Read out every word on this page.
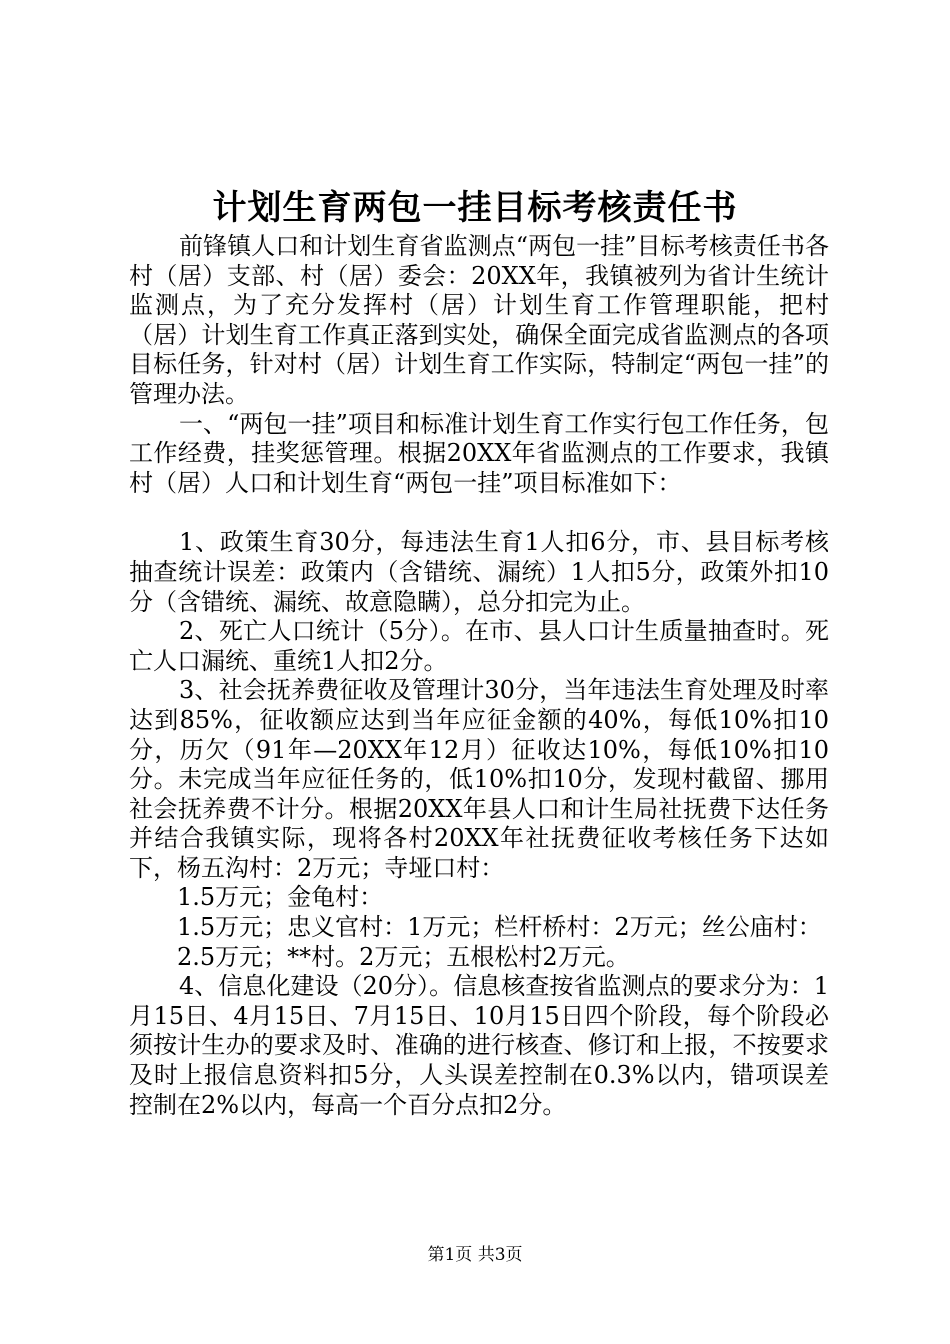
计划生育两包一挂目标考核责任书

前锋镇人口和计划生育省监测点“两包一挂”目标考核责任书各村（居）支部、村（居）委会：20XX年，我镇被列为省计生统计监测点，为了充分发挥村（居）计划生育工作管理职能，把村（居）计划生育工作真正落到实处，确保全面完成省监测点的各项目标任务，针对村（居）计划生育工作实际，特制定“两包一挂”的管理办法。

一、“两包一挂”项目和标准计划生育工作实行包工作任务，包工作经费，挂奖惩管理。根据20XX年省监测点的工作要求，我镇村（居）人口和计划生育“两包一挂”项目标准如下：

1、政策生育30分，每违法生育1人扣6分，市、县目标考核抽查统计误差：政策内（含错统、漏统）1人扣5分，政策外扣10分（含错统、漏统、故意隐瞒），总分扣完为止。

2、死亡人口统计（5分）。在市、县人口计生质量抽查时。死亡人口漏统、重统1人扣2分。

3、社会抚养费征收及管理计30分，当年违法生育处理及时率达到85%，征收额应达到当年应征金额的40%，每低10%扣10分，历欠（91年—20XX年12月）征收达10%，每低10%扣10分。未完成当年应征任务的，低10%扣10分，发现村截留、挪用社会抚养费不计分。根据20XX年县人口和计生局社抚费下达任务并结合我镇实际，现将各村20XX年社抚费征收考核任务下达如下，杨五沟村：2万元；寺垭口村：

1.5万元；金龟村：

1.5万元；忠义官村：1万元；栏杆桥村：2万元；丝公庙村：

2.5万元；**村。2万元；五根松村2万元。

4、信息化建设（20分）。信息核查按省监测点的要求分为：1月15日、4月15日、7月15日、10月15日四个阶段，每个阶段必须按计生办的要求及时、准确的进行核查、修订和上报，不按要求及时上报信息资料扣5分，人头误差控制在0.3%以内，错项误差控制在2%以内，每高一个百分点扣2分。

第1页 共3页
